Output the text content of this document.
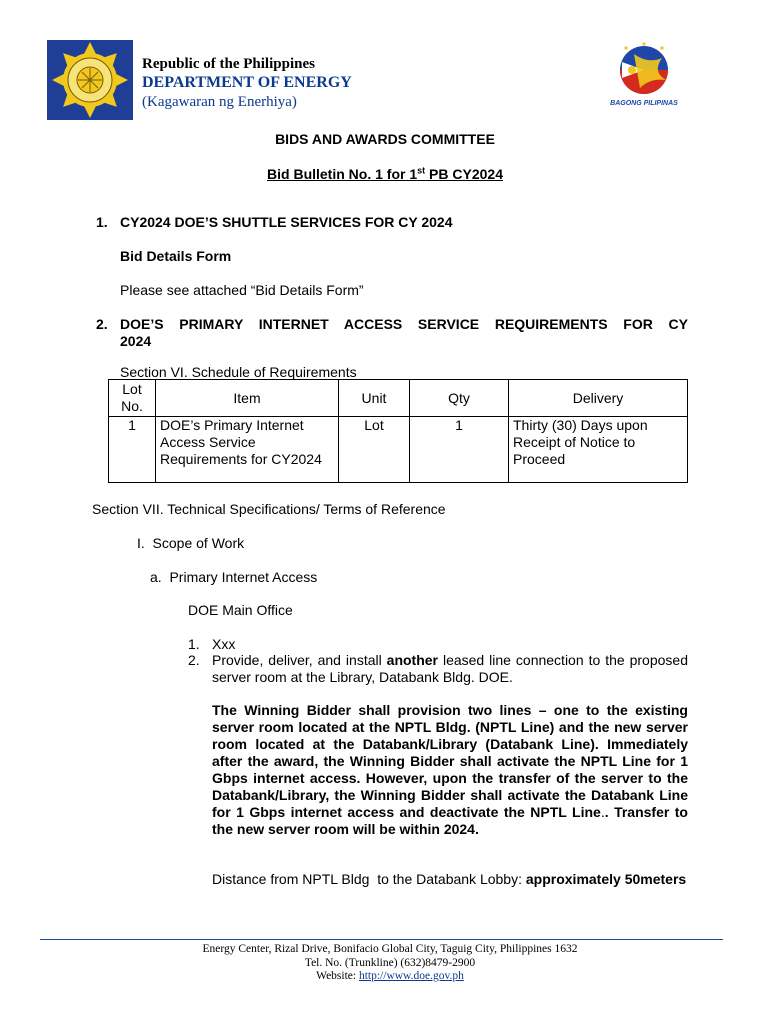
Republic of the Philippines
DEPARTMENT OF ENERGY
(Kagawaran ng Enerhiya)	BAGONG PILIPINAS
BIDS AND AWARDS COMMITTEE
Bid Bulletin No. 1 for 1st PB CY2024
1. CY2024 DOE’S SHUTTLE SERVICES FOR CY 2024
Bid Details Form
Please see attached “Bid Details Form”
2. DOE’S PRIMARY INTERNET ACCESS SERVICE REQUIREMENTS FOR CY
2024
Section VI. Schedule of Requirements
Lot No.	Item	Unit	Qty	Delivery
1	DOE’s Primary Internet Access Service Requirements for CY2024	Lot	1	Thirty (30) Days upon Receipt of Notice to Proceed
Section VII. Technical Specifications/ Terms of Reference
I.  Scope of Work
a.  Primary Internet Access
DOE Main Office
1. Xxx
2. Provide, deliver, and install another leased line connection to the proposed server room at the Library, Databank Bldg. DOE.
The Winning Bidder shall provision two lines – one to the existing server room located at the NPTL Bldg. (NPTL Line) and the new server room located at the Databank/Library (Databank Line). Immediately after the award, the Winning Bidder shall activate the NPTL Line for 1 Gbps internet access. However, upon the transfer of the server to the Databank/Library, the Winning Bidder shall activate the Databank Line for 1 Gbps internet access and deactivate the NPTL Line.. Transfer to the new server room will be within 2024.
Distance from NPTL Bldg  to the Databank Lobby: approximately 50meters
Energy Center, Rizal Drive, Bonifacio Global City, Taguig City, Philippines 1632
Tel. No. (Trunkline) (632)8479-2900
Website: http://www.doe.gov.ph
